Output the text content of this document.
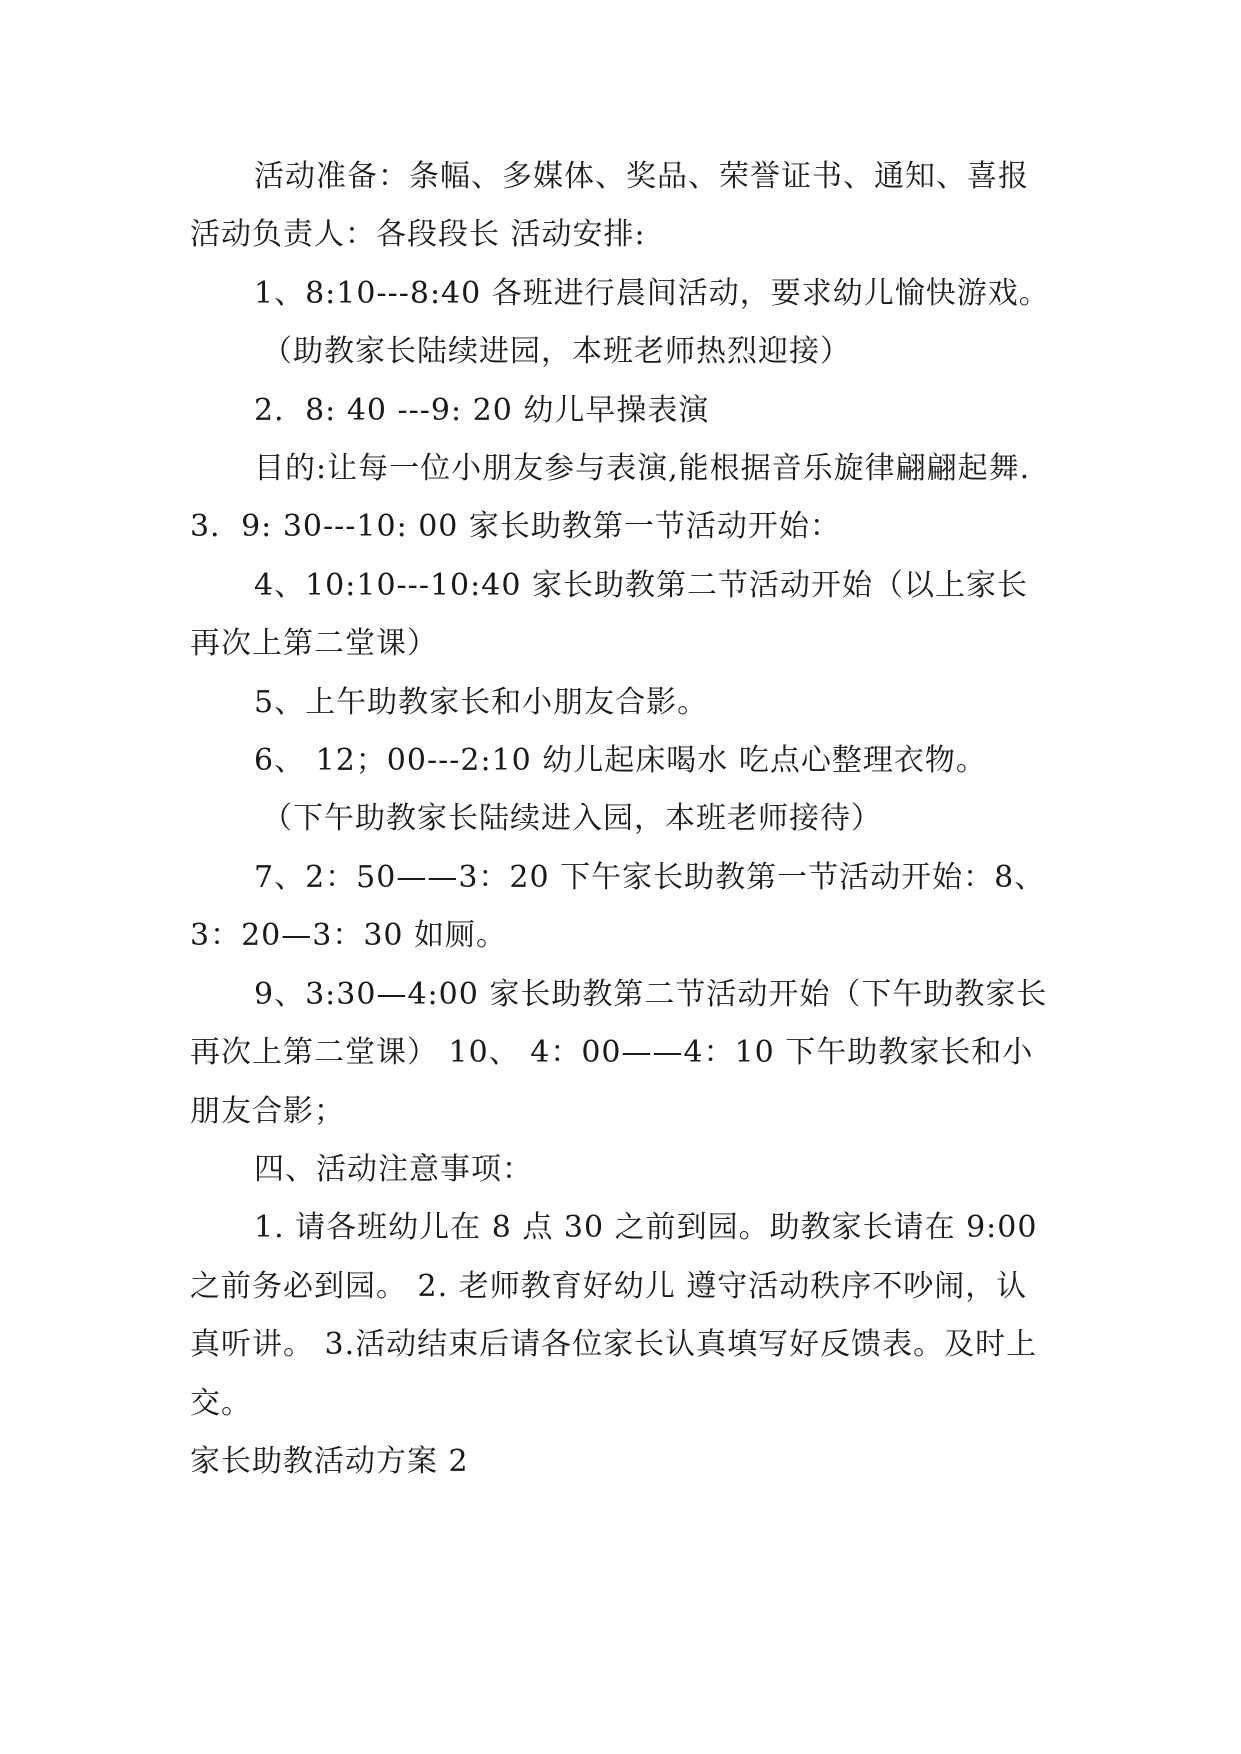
活动准备：条幅、多媒体、奖品、荣誉证书、通知、喜报 活动负责人：各段段长 活动安排:

1、8:10---8:40 各班进行晨间活动，要求幼儿愉快游戏。

（助教家长陆续进园，本班老师热烈迎接）

2．8: 40 ---9: 20 幼儿早操表演

目的:让每一位小朋友参与表演,能根据音乐旋律翩翩起舞. 3．9: 30---10: 00 家长助教第一节活动开始：

4、10:10---10:40 家长助教第二节活动开始（以上家长再次上第二堂课）

5、上午助教家长和小朋友合影。

6、 12；00---2:10 幼儿起床喝水 吃点心整理衣物。

（下午助教家长陆续进入园，本班老师接待）

7、2：50——3：20 下午家长助教第一节活动开始：8、3：20—3：30 如厕。

9、3:30—4:00 家长助教第二节活动开始（下午助教家长再次上第二堂课） 10、 4：00——4：10 下午助教家长和小朋友合影；

四、活动注意事项：

1. 请各班幼儿在 8 点 30 之前到园。助教家长请在 9:00之前务必到园。 2. 老师教育好幼儿 遵守活动秩序不吵闹，认真听讲。 3.活动结束后请各位家长认真填写好反馈表。及时上交。

家长助教活动方案 2
